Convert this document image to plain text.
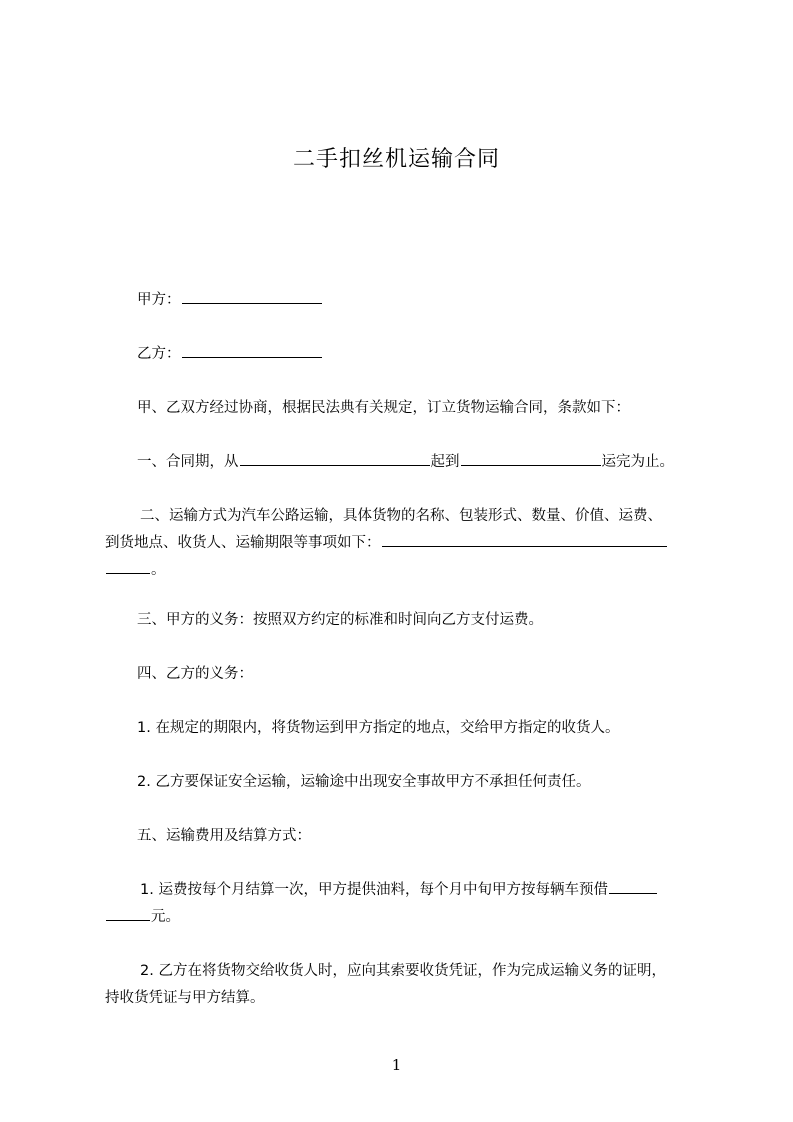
二手扣丝机运输合同
甲方：
乙方：
甲、乙双方经过协商，根据民法典有关规定，订立货物运输合同，条款如下：
一、合同期，从	起到	运完为止。
二、运输方式为汽车公路运输，具体货物的名称、包装形式、数量、价值、运费、
到货地点、收货人、运输期限等事项如下：
。
三、甲方的义务：按照双方约定的标准和时间向乙方支付运费。
四、乙方的义务：
1. 在规定的期限内，将货物运到甲方指定的地点，交给甲方指定的收货人。
2. 乙方要保证安全运输，运输途中出现安全事故甲方不承担任何责任。
五、运输费用及结算方式：
1. 运费按每个月结算一次，甲方提供油料，每个月中旬甲方按每辆车预借
元。
2. 乙方在将货物交给收货人时，应向其索要收货凭证，作为完成运输义务的证明，
持收货凭证与甲方结算。
1
